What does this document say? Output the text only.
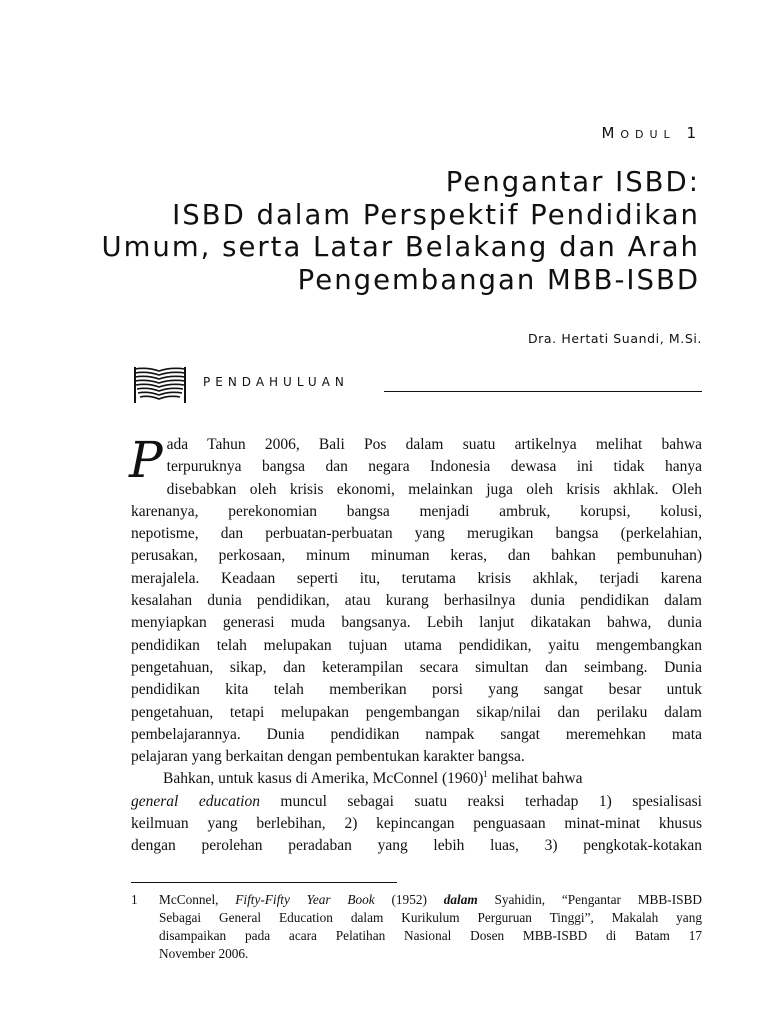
Modul 1

Pengantar ISBD:
ISBD dalam Perspektif Pendidikan
Umum, serta Latar Belakang dan Arah
Pengembangan MBB-ISBD

Dra. Hertati Suandi, M.Si.

PENDAHULUAN

P ada Tahun 2006, Bali Pos dalam suatu artikelnya melihat bahwa
terpuruknya bangsa dan negara Indonesia dewasa ini tidak hanya
disebabkan oleh krisis ekonomi, melainkan juga oleh krisis akhlak. Oleh
karenanya, perekonomian bangsa menjadi ambruk, korupsi, kolusi,
nepotisme, dan perbuatan-perbuatan yang merugikan bangsa (perkelahian,
perusakan, perkosaan, minum minuman keras, dan bahkan pembunuhan)
merajalela. Keadaan seperti itu, terutama krisis akhlak, terjadi karena
kesalahan dunia pendidikan, atau kurang berhasilnya dunia pendidikan dalam
menyiapkan generasi muda bangsanya. Lebih lanjut dikatakan bahwa, dunia
pendidikan telah melupakan tujuan utama pendidikan, yaitu mengembangkan
pengetahuan, sikap, dan keterampilan secara simultan dan seimbang. Dunia
pendidikan kita telah memberikan porsi yang sangat besar untuk
pengetahuan, tetapi melupakan pengembangan sikap/nilai dan perilaku dalam
pembelajarannya. Dunia pendidikan nampak sangat meremehkan mata
pelajaran yang berkaitan dengan pembentukan karakter bangsa.

Bahkan, untuk kasus di Amerika, McConnel $(1960)^1$ melihat bahwa
general education muncul sebagai suatu reaksi terhadap 1) spesialisasi
keilmuan yang berlebihan, 2) kepincangan penguasaan minat-minat khusus
dengan perolehan peradaban yang lebih luas, 3) pengkotak-kotakan

1 McConnel, Fifty-Fifty Year Book (1952) dalam Syahidin, “Pengantar MBB-ISBD
Sebagai General Education dalam Kurikulum Perguruan Tinggi”, Makalah yang
disampaikan pada acara Pelatihan Nasional Dosen MBB-ISBD di Batam 17
November 2006.
